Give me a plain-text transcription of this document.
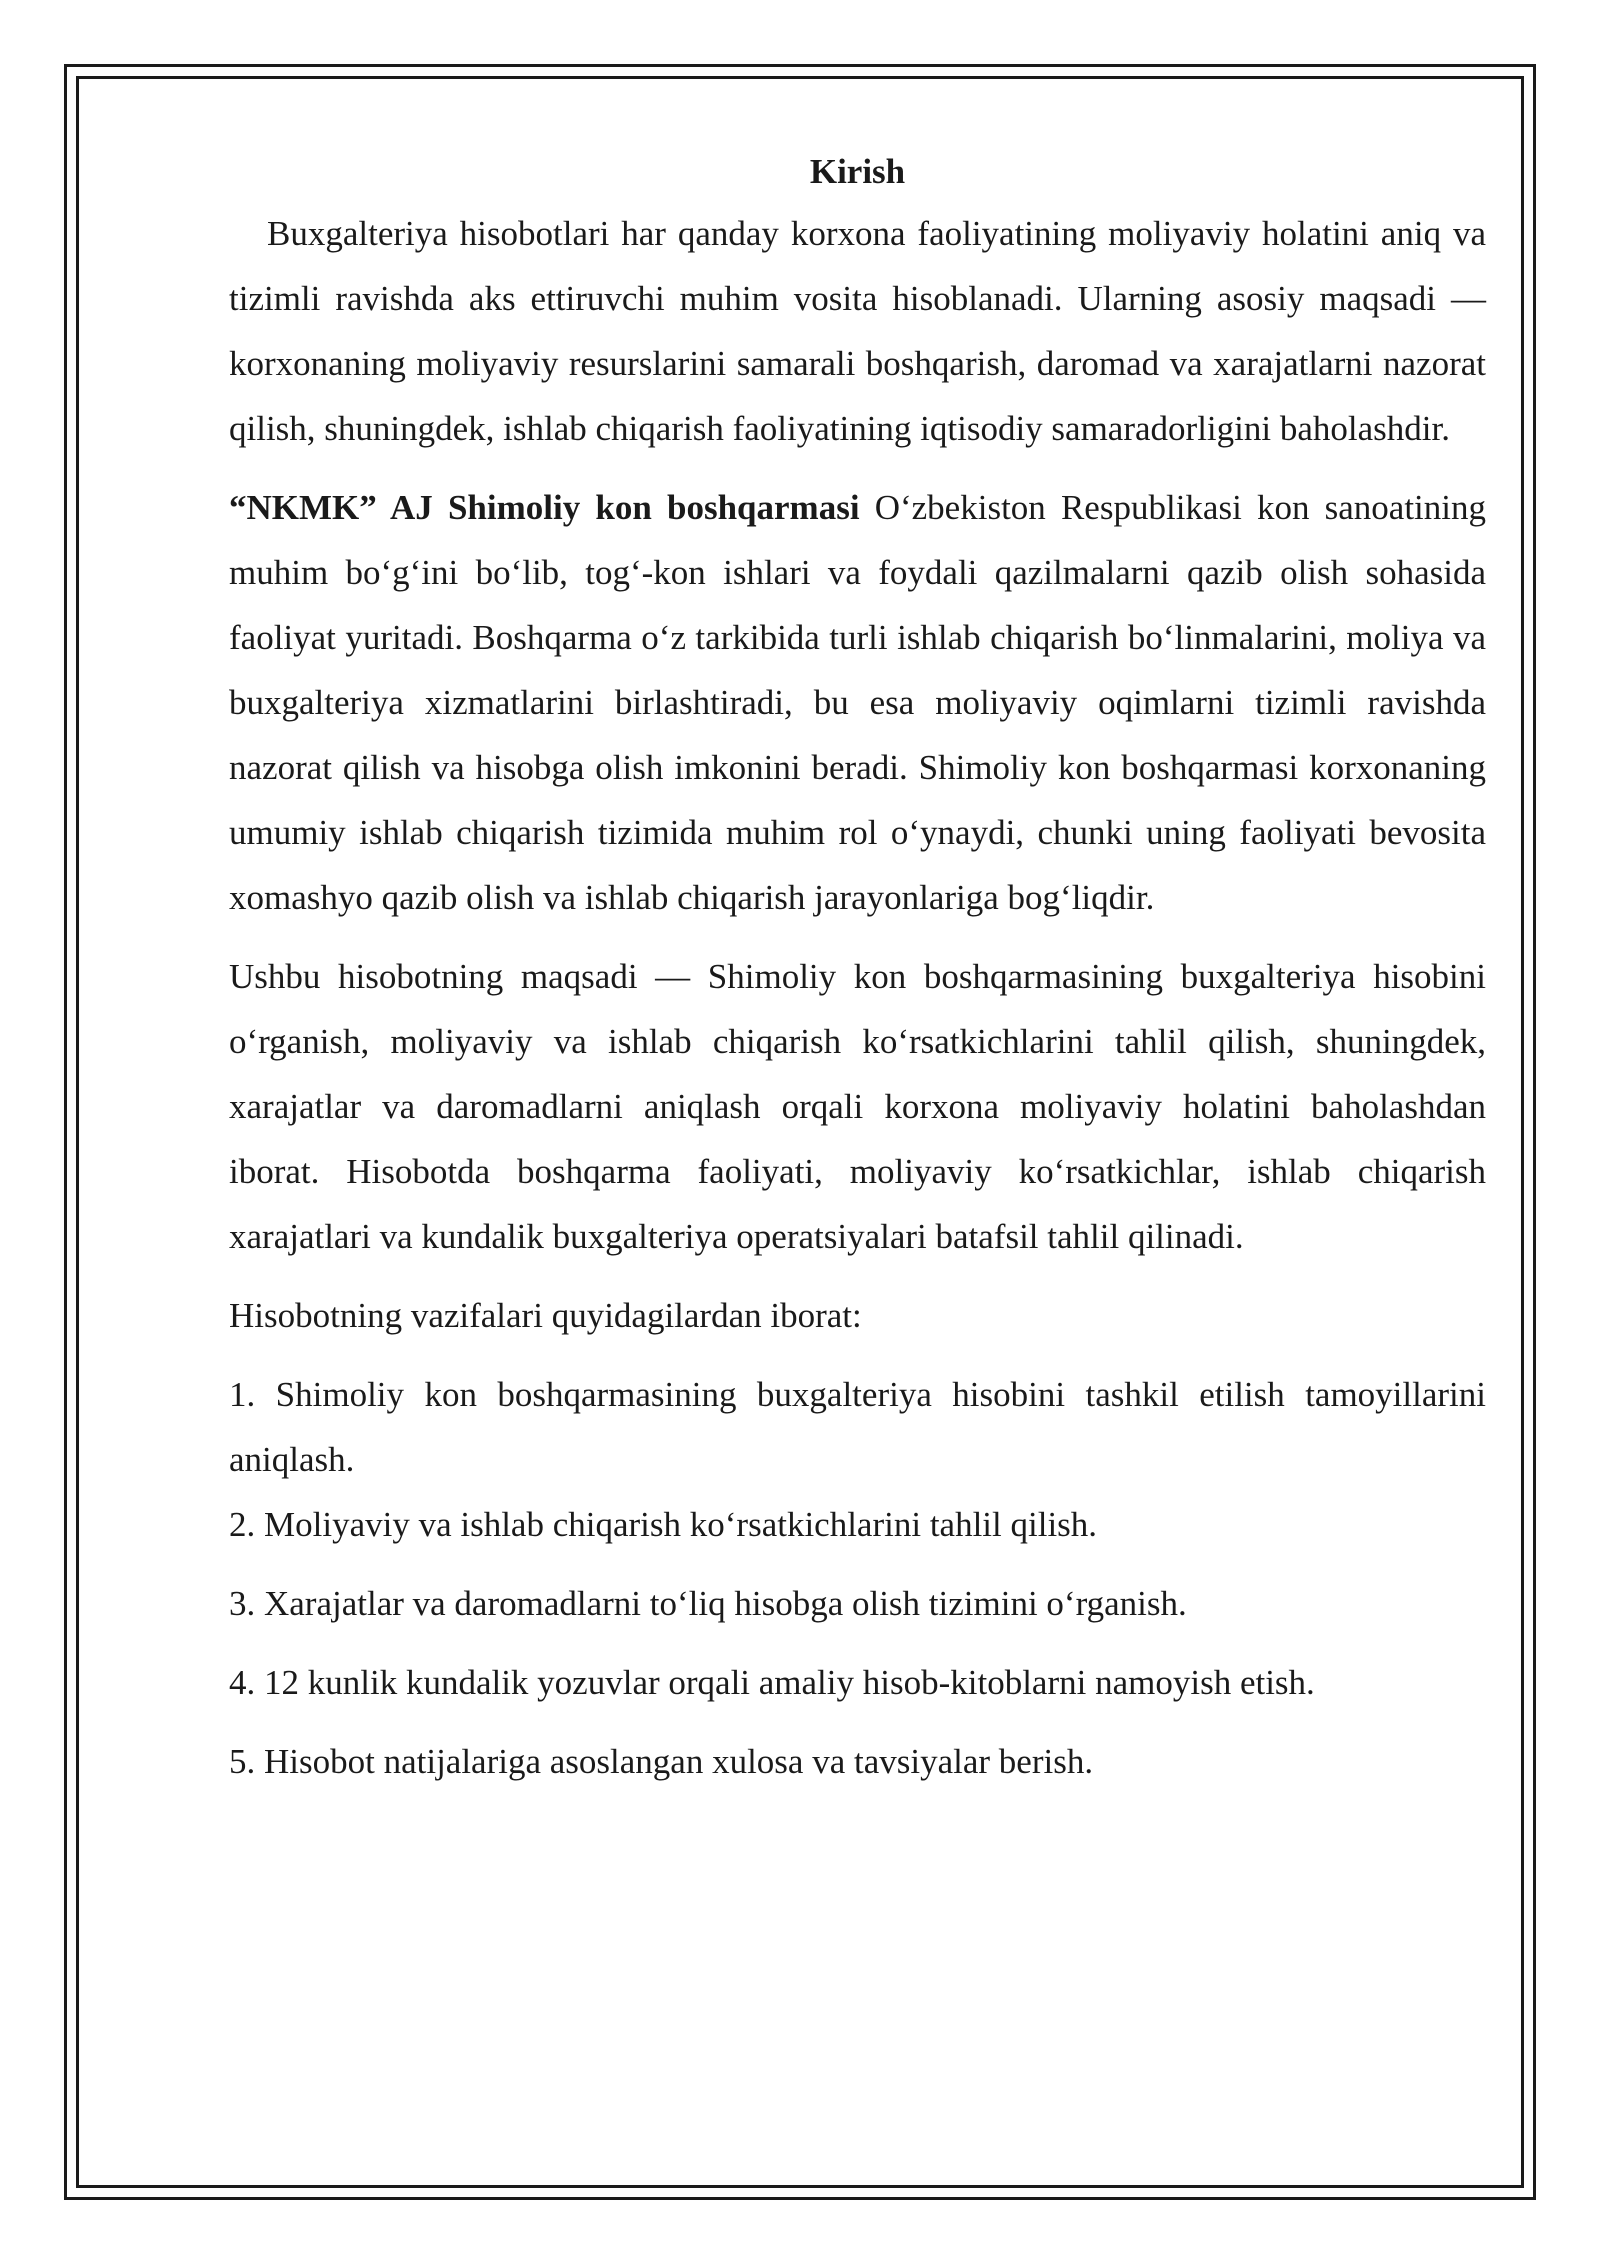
Kirish

Buxgalteriya hisobotlari har qanday korxona faoliyatining moliyaviy holatini aniq va tizimli ravishda aks ettiruvchi muhim vosita hisoblanadi. Ularning asosiy maqsadi — korxonaning moliyaviy resurslarini samarali boshqarish, daromad va xarajatlarni nazorat qilish, shuningdek, ishlab chiqarish faoliyatining iqtisodiy samaradorligini baholashdir.

“NKMK” AJ Shimoliy kon boshqarmasi O‘zbekiston Respublikasi kon sanoatining muhim bo‘g‘ini bo‘lib, tog‘-kon ishlari va foydali qazilmalarni qazib olish sohasida faoliyat yuritadi. Boshqarma o‘z tarkibida turli ishlab chiqarish bo‘linmalarini, moliya va buxgalteriya xizmatlarini birlashtiradi, bu esa moliyaviy oqimlarni tizimli ravishda nazorat qilish va hisobga olish imkonini beradi. Shimoliy kon boshqarmasi korxonaning umumiy ishlab chiqarish tizimida muhim rol o‘ynaydi, chunki uning faoliyati bevosita xomashyo qazib olish va ishlab chiqarish jarayonlariga bog‘liqdir.

Ushbu hisobotning maqsadi — Shimoliy kon boshqarmasining buxgalteriya hisobini o‘rganish, moliyaviy va ishlab chiqarish ko‘rsatkichlarini tahlil qilish, shuningdek, xarajatlar va daromadlarni aniqlash orqali korxona moliyaviy holatini baholashdan iborat. Hisobotda boshqarma faoliyati, moliyaviy ko‘rsatkichlar, ishlab chiqarish xarajatlari va kundalik buxgalteriya operatsiyalari batafsil tahlil qilinadi.

Hisobotning vazifalari quyidagilardan iborat:

1. Shimoliy kon boshqarmasining buxgalteriya hisobini tashkil etilish tamoyillarini aniqlash.

2. Moliyaviy va ishlab chiqarish ko‘rsatkichlarini tahlil qilish.

3. Xarajatlar va daromadlarni to‘liq hisobga olish tizimini o‘rganish.

4. 12 kunlik kundalik yozuvlar orqali amaliy hisob-kitoblarni namoyish etish.

5. Hisobot natijalariga asoslangan xulosa va tavsiyalar berish.
